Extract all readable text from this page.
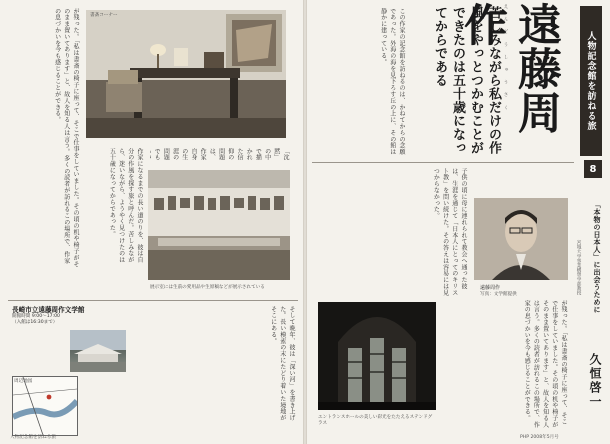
書斎コーナー
作家になるまでの長い道のりを、彼は自分の作風を探す旅と呼んだ。苦しみながら、迷いながら、ようやく見つけたのは五十歳になってからであった。
が残った。「私は書斎の椅子に座って、そこで仕事をしていました。その頃の机や椅子がそのまま置いてあります」と、故人を知る人は言う。多くの読者が訪れるこの場所で、作家の息づかいを今も感じることができる。
展示室には生前の愛用品や生原稿などが展示されている
「沈黙」の中で描かれた信仰の問題は、作家自身の生涯の問題でも
長崎市立遠藤周作文学館
開館時間 9:00〜17:00（入館は16:30まで）
周辺地図	そして晩年、彼は「深い河」を書き上げた。長い模索の末にたどり着いた境地がそこにある。
人物記念館を訪ねる旅
人物記念館を訪ねる旅
8
「本物の日本人」に出会うために
宮城大学事業構想学部教授
久恒啓一
遠藤周作
えんどうしゅうさく
苦しみながら私だけの作風をやっとつかむことができたのは五十歳になってからである
この作家の記念館を訪ねるのは、かねてからの念願であった。外海の海を見下ろす丘の上に、その館は静かに建っている。
子供の頃に母に連れられて教会へ通った彼は、生涯を通じて「日本人にとってのキリスト教」を問い続けた。その答えは容易には見つからなかった。
遠藤周作
写真：文学館提供
エントランスホールの美しい彩光をたたえるステンドグラス	が残った。「私は書斎の椅子に座って、そこで仕事をしていました。その頃の机や椅子がそのまま置いてあります」と、故人を知る人は言う。多くの読者が訪れるこの場所で、作家の息づかいを今も感じることができる。
PHP 2008年5月号
